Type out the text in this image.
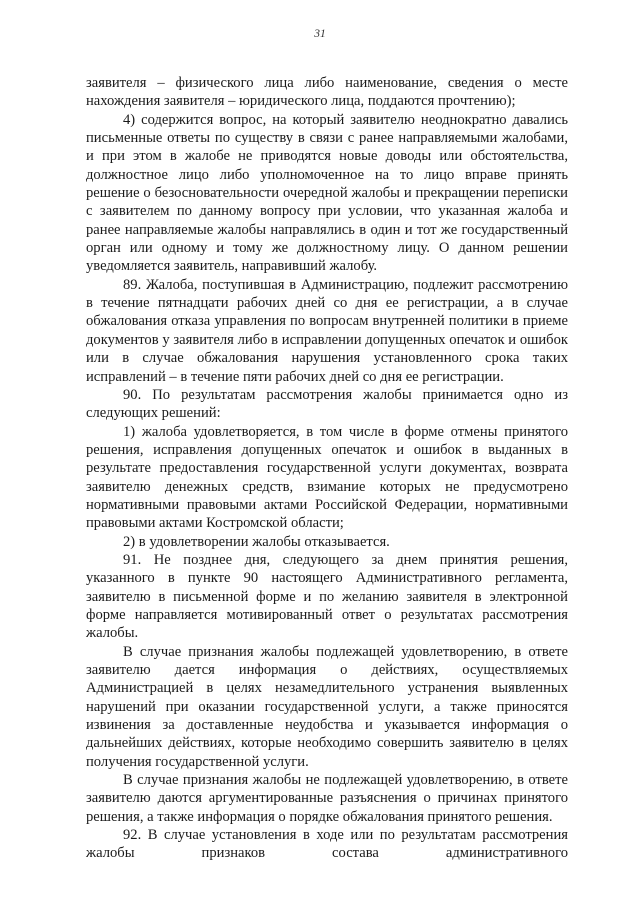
31

заявителя – физического лица либо наименование, сведения о месте нахождения заявителя – юридического лица, поддаются прочтению);

4) содержится вопрос, на который заявителю неоднократно давались письменные ответы по существу в связи с ранее направляемыми жалобами, и при этом в жалобе не приводятся новые доводы или обстоятельства, должностное лицо либо уполномоченное на то лицо вправе принять решение о безосновательности очередной жалобы и прекращении переписки с заявителем по данному вопросу при условии, что указанная жалоба и ранее направляемые жалобы направлялись в один и тот же государственный орган или одному и тому же должностному лицу. О данном решении уведомляется заявитель, направивший жалобу.

89. Жалоба, поступившая в Администрацию, подлежит рассмотрению в течение пятнадцати рабочих дней со дня ее регистрации, а в случае обжалования отказа управления по вопросам внутренней политики в приеме документов у заявителя либо в исправлении допущенных опечаток и ошибок или в случае обжалования нарушения установленного срока таких исправлений – в течение пяти рабочих дней со дня ее регистрации.

90. По результатам рассмотрения жалобы принимается одно из следующих решений:

1) жалоба удовлетворяется, в том числе в форме отмены принятого решения, исправления допущенных опечаток и ошибок в выданных в результате предоставления государственной услуги документах, возврата заявителю денежных средств, взимание которых не предусмотрено нормативными правовыми актами Российской Федерации, нормативными правовыми актами Костромской области;

2) в удовлетворении жалобы отказывается.

91. Не позднее дня, следующего за днем принятия решения, указанного в пункте 90 настоящего Административного регламента, заявителю в письменной форме и по желанию заявителя в электронной форме направляется мотивированный ответ о результатах рассмотрения жалобы.

В случае признания жалобы подлежащей удовлетворению, в ответе заявителю дается информация о действиях, осуществляемых Администрацией в целях незамедлительного устранения выявленных нарушений при оказании государственной услуги, а также приносятся извинения за доставленные неудобства и указывается информация о дальнейших действиях, которые необходимо совершить заявителю в целях получения государственной услуги.

В случае признания жалобы не подлежащей удовлетворению, в ответе заявителю даются аргументированные разъяснения о причинах принятого решения, а также информация о порядке обжалования принятого решения.

92. В случае установления в ходе или по результатам рассмотрения жалобы признаков состава административного
